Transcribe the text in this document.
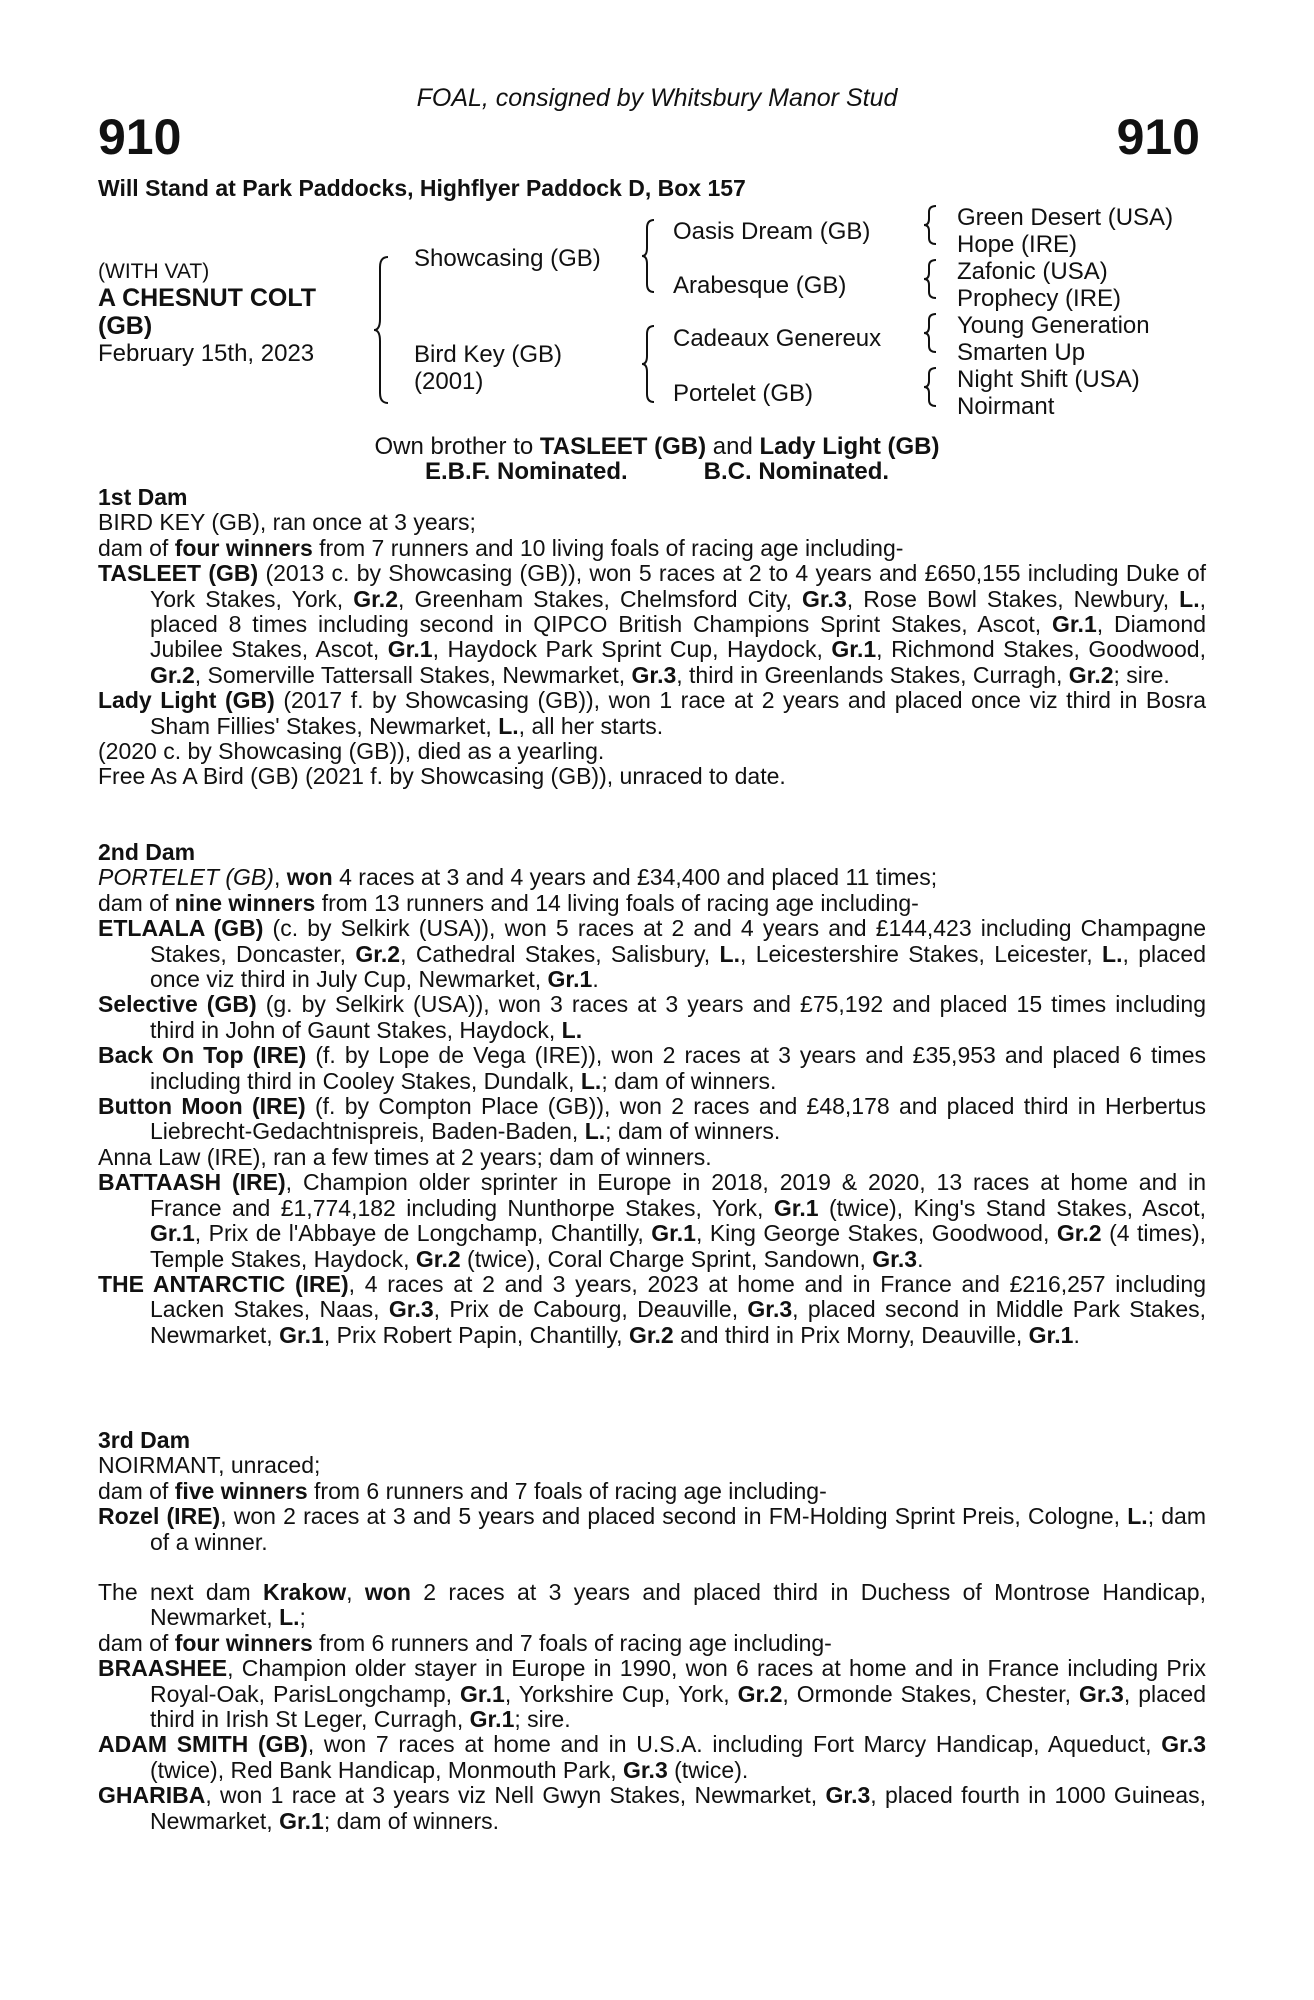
FOAL, consigned by Whitsbury Manor Stud
910	910
Will Stand at Park Paddocks, Highflyer Paddock D, Box 157
(WITH VAT)
A CHESNUT COLT
(GB)
February 15th, 2023
Showcasing (GB)
Bird Key (GB)
(2001)
Oasis Dream (GB)
Arabesque (GB)
Cadeaux Genereux
Portelet (GB)
Green Desert (USA)
Hope (IRE)
Zafonic (USA)
Prophecy (IRE)
Young Generation
Smarten Up
Night Shift (USA)
Noirmant
Own brother to TASLEET (GB) and Lady Light (GB)
E.B.F. Nominated.	B.C. Nominated.

1st Dam

BIRD KEY (GB), ran once at 3 years;

dam of four winners from 7 runners and 10 living foals of racing age including-

TASLEET (GB) (2013 c. by Showcasing (GB)), won 5 races at 2 to 4 years and £650,155 including Duke of York Stakes, York, Gr.2, Greenham Stakes, Chelmsford City, Gr.3, Rose Bowl Stakes, Newbury, L., placed 8 times including second in QIPCO British Champions Sprint Stakes, Ascot, Gr.1, Diamond Jubilee Stakes, Ascot, Gr.1, Haydock Park Sprint Cup, Haydock, Gr.1, Richmond Stakes, Goodwood, Gr.2, Somerville Tattersall Stakes, Newmarket, Gr.3, third in Greenlands Stakes, Curragh, Gr.2; sire.

Lady Light (GB) (2017 f. by Showcasing (GB)), won 1 race at 2 years and placed once viz third in Bosra Sham Fillies' Stakes, Newmarket, L., all her starts.

(2020 c. by Showcasing (GB)), died as a yearling.

Free As A Bird (GB) (2021 f. by Showcasing (GB)), unraced to date.

2nd Dam

PORTELET (GB), won 4 races at 3 and 4 years and £34,400 and placed 11 times;

dam of nine winners from 13 runners and 14 living foals of racing age including-

ETLAALA (GB) (c. by Selkirk (USA)), won 5 races at 2 and 4 years and £144,423 including Champagne Stakes, Doncaster, Gr.2, Cathedral Stakes, Salisbury, L., Leicestershire Stakes, Leicester, L., placed once viz third in July Cup, Newmarket, Gr.1.

Selective (GB) (g. by Selkirk (USA)), won 3 races at 3 years and £75,192 and placed 15 times including third in John of Gaunt Stakes, Haydock, L.

Back On Top (IRE) (f. by Lope de Vega (IRE)), won 2 races at 3 years and £35,953 and placed 6 times including third in Cooley Stakes, Dundalk, L.; dam of winners.

Button Moon (IRE) (f. by Compton Place (GB)), won 2 races and £48,178 and placed third in Herbertus Liebrecht-Gedachtnispreis, Baden-Baden, L.; dam of winners.

Anna Law (IRE), ran a few times at 2 years; dam of winners.

BATTAASH (IRE), Champion older sprinter in Europe in 2018, 2019 & 2020, 13 races at home and in France and £1,774,182 including Nunthorpe Stakes, York, Gr.1 (twice), King's Stand Stakes, Ascot, Gr.1, Prix de l'Abbaye de Longchamp, Chantilly, Gr.1, King George Stakes, Goodwood, Gr.2 (4 times), Temple Stakes, Haydock, Gr.2 (twice), Coral Charge Sprint, Sandown, Gr.3.

THE ANTARCTIC (IRE), 4 races at 2 and 3 years, 2023 at home and in France and £216,257 including Lacken Stakes, Naas, Gr.3, Prix de Cabourg, Deauville, Gr.3, placed second in Middle Park Stakes, Newmarket, Gr.1, Prix Robert Papin, Chantilly, Gr.2 and third in Prix Morny, Deauville, Gr.1.

3rd Dam

NOIRMANT, unraced;

dam of five winners from 6 runners and 7 foals of racing age including-

Rozel (IRE), won 2 races at 3 and 5 years and placed second in FM-Holding Sprint Preis, Cologne, L.; dam of a winner.

The next dam Krakow, won 2 races at 3 years and placed third in Duchess of Montrose Handicap, Newmarket, L.;

dam of four winners from 6 runners and 7 foals of racing age including-

BRAASHEE, Champion older stayer in Europe in 1990, won 6 races at home and in France including Prix Royal-Oak, ParisLongchamp, Gr.1, Yorkshire Cup, York, Gr.2, Ormonde Stakes, Chester, Gr.3, placed third in Irish St Leger, Curragh, Gr.1; sire.

ADAM SMITH (GB), won 7 races at home and in U.S.A. including Fort Marcy Handicap, Aqueduct, Gr.3 (twice), Red Bank Handicap, Monmouth Park, Gr.3 (twice).

GHARIBA, won 1 race at 3 years viz Nell Gwyn Stakes, Newmarket, Gr.3, placed fourth in 1000 Guineas, Newmarket, Gr.1; dam of winners.
